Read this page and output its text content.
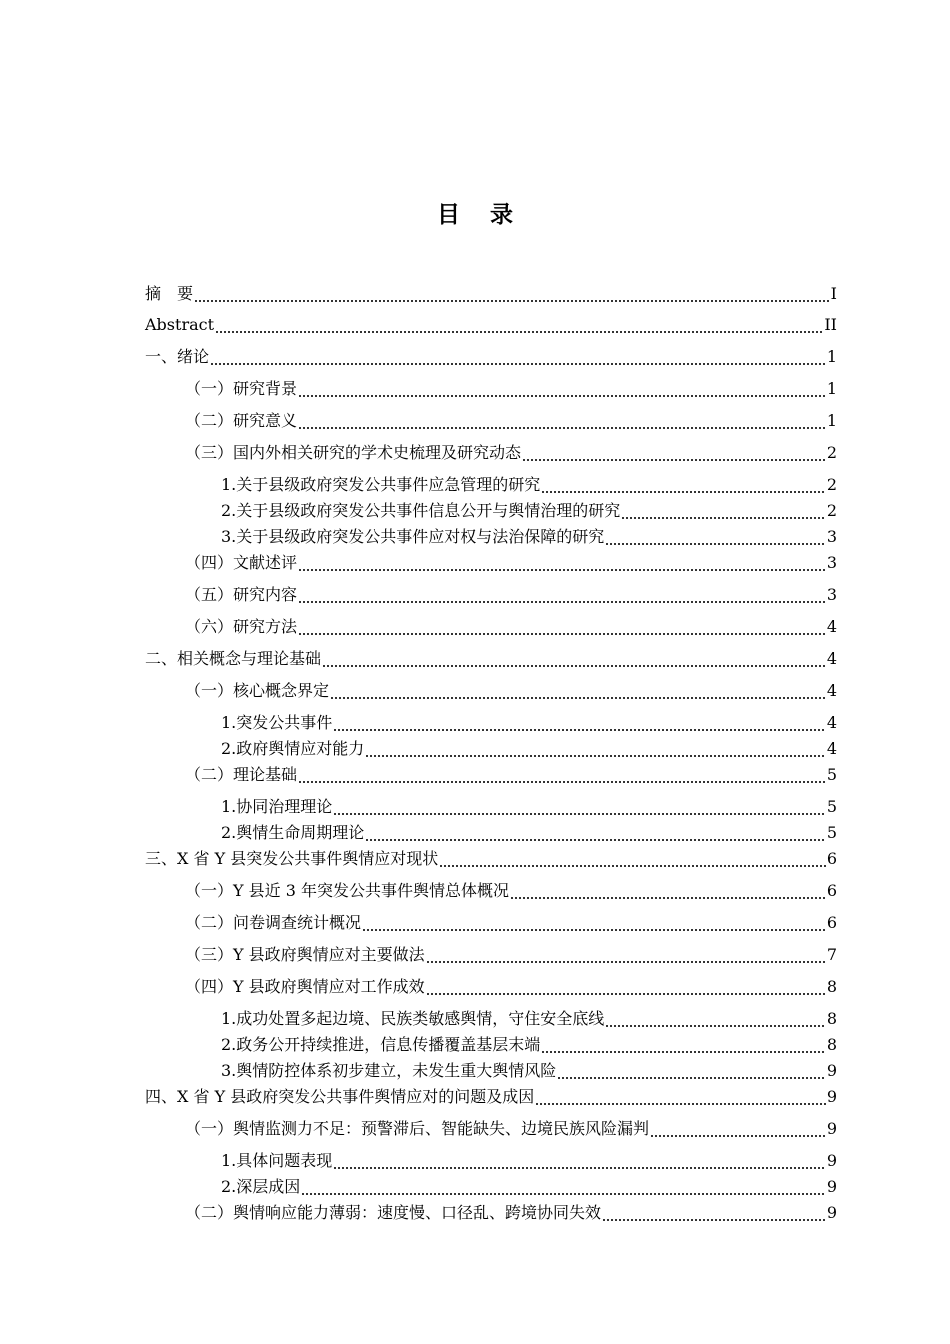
目 录
摘　要	I
Abstract	II
一、绪论	1
（一）研究背景	1
（二）研究意义	1
（三）国内外相关研究的学术史梳理及研究动态	2
1.关于县级政府突发公共事件应急管理的研究	2
2.关于县级政府突发公共事件信息公开与舆情治理的研究	2
3.关于县级政府突发公共事件应对权与法治保障的研究	3
（四）文献述评	3
（五）研究内容	3
（六）研究方法	4
二、相关概念与理论基础	4
（一）核心概念界定	4
1.突发公共事件	4
2.政府舆情应对能力	4
（二）理论基础	5
1.协同治理理论	5
2.舆情生命周期理论	5
三、X 省 Y 县突发公共事件舆情应对现状	6
（一）Y 县近 3 年突发公共事件舆情总体概况	6
（二）问卷调查统计概况	6
（三）Y 县政府舆情应对主要做法	7
（四）Y 县政府舆情应对工作成效	8
1.成功处置多起边境、民族类敏感舆情，守住安全底线	8
2.政务公开持续推进，信息传播覆盖基层末端	8
3.舆情防控体系初步建立，未发生重大舆情风险	9
四、X 省 Y 县政府突发公共事件舆情应对的问题及成因	9
（一）舆情监测力不足：预警滞后、智能缺失、边境民族风险漏判	9
1.具体问题表现	9
2.深层成因	9
（二）舆情响应能力薄弱：速度慢、口径乱、跨境协同失效	9
